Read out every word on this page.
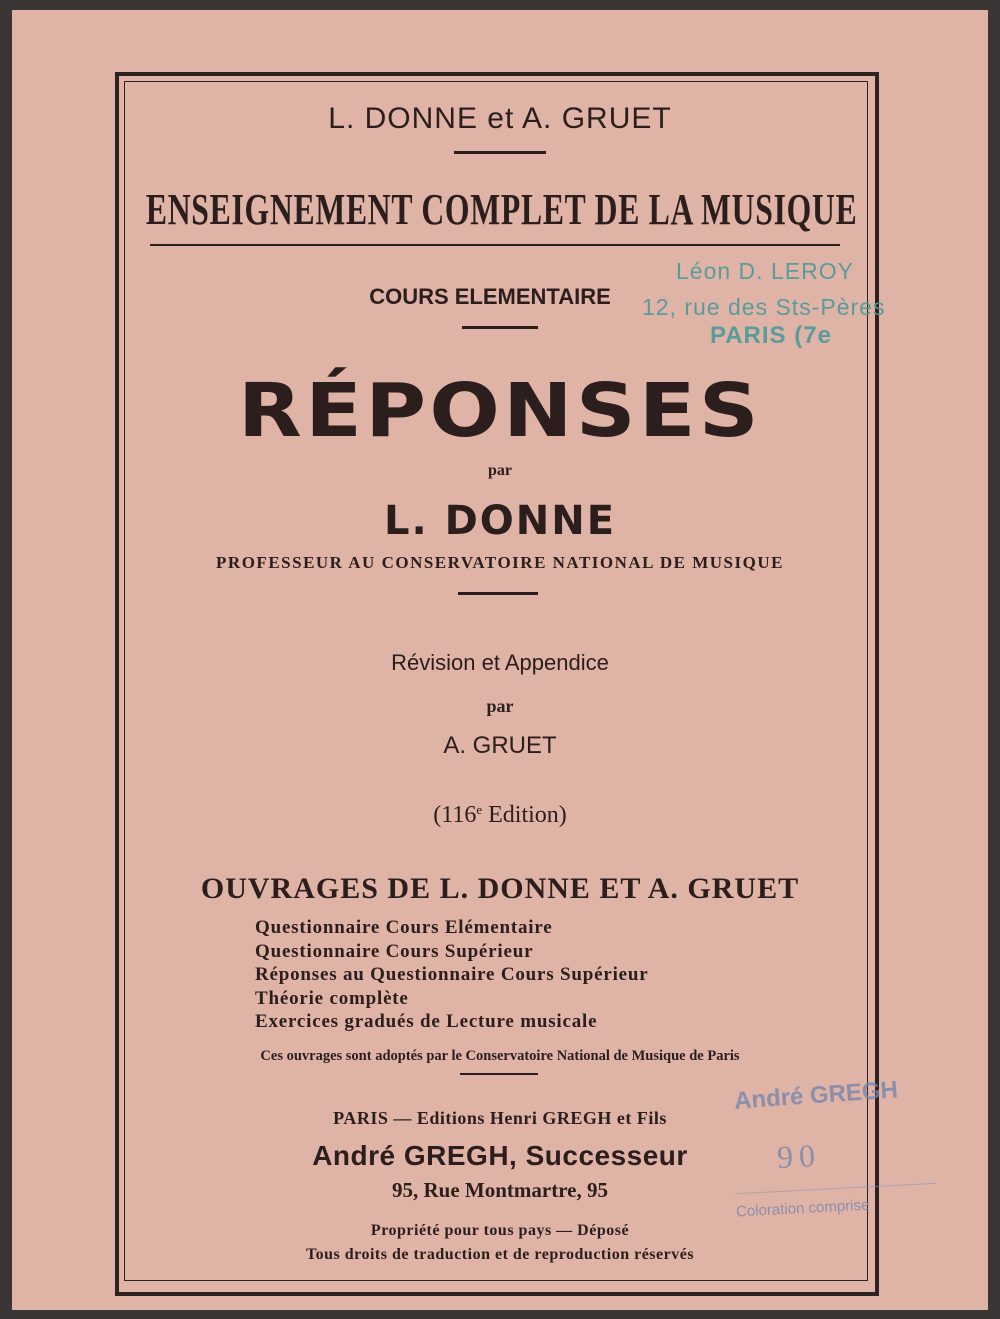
L. DONNE et A. GRUET
ENSEIGNEMENT COMPLET DE LA MUSIQUE
COURS ELEMENTAIRE
RÉPONSES
par
L. DONNE
PROFESSEUR AU CONSERVATOIRE NATIONAL DE MUSIQUE
Révision et Appendice
par
A. GRUET
(116e Edition)
OUVRAGES DE L. DONNE ET A. GRUET
Questionnaire Cours Elémentaire
Questionnaire Cours Supérieur
Réponses au Questionnaire Cours Supérieur
Théorie complète
Exercices gradués de Lecture musicale
Ces ouvrages sont adoptés par le Conservatoire National de Musique de Paris
PARIS — Editions Henri GREGH et Fils
André GREGH, Successeur
95, Rue Montmartre, 95
Propriété pour tous pays — Déposé
Tous droits de traduction et de reproduction réservés
Léon D. LEROY
12, rue des Sts-Pères
PARIS (7e
André GREGH
90
Coloration comprise
